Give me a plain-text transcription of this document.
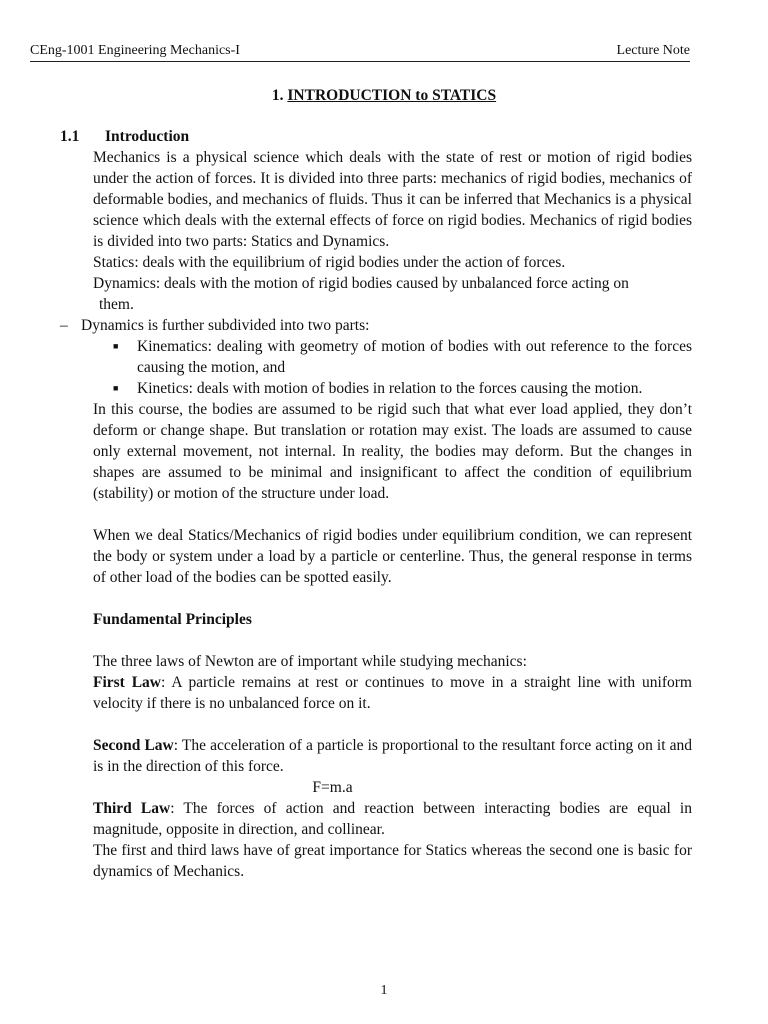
CEng-1001 Engineering Mechanics-I	Lecture Note
1. INTRODUCTION to STATICS
1.1 Introduction

Mechanics is a physical science which deals with the state of rest or motion of rigid bodies under the action of forces. It is divided into three parts: mechanics of rigid bodies, mechanics of deformable bodies, and mechanics of fluids. Thus it can be inferred that Mechanics is a physical science which deals with the external effects of force on rigid bodies. Mechanics of rigid bodies is divided into two parts: Statics and Dynamics.

Statics: deals with the equilibrium of rigid bodies under the action of forces.

Dynamics: deals with the motion of rigid bodies caused by unbalanced force acting on

them.

– Dynamics is further subdivided into two parts:
■	Kinematics: dealing with geometry of motion of bodies with out reference to the forces causing the motion, and
■	Kinetics: deals with motion of bodies in relation to the forces causing the motion.

In this course, the bodies are assumed to be rigid such that what ever load applied, they don’t deform or change shape. But translation or rotation may exist. The loads are assumed to cause only external movement, not internal. In reality, the bodies may deform. But the changes in shapes are assumed to be minimal and insignificant to affect the condition of equilibrium (stability) or motion of the structure under load.

When we deal Statics/Mechanics of rigid bodies under equilibrium condition, we can represent the body or system under a load by a particle or centerline. Thus, the general response in terms of other load of the bodies can be spotted easily.

Fundamental Principles

The three laws of Newton are of important while studying mechanics:

First Law: A particle remains at rest or continues to move in a straight line with uniform velocity if there is no unbalanced force on it.

Second Law: The acceleration of a particle is proportional to the resultant force acting on it and is in the direction of this force.

F=m.a

Third Law: The forces of action and reaction between interacting bodies are equal in magnitude, opposite in direction, and collinear.

The first and third laws have of great importance for Statics whereas the second one is basic for dynamics of Mechanics.

1
